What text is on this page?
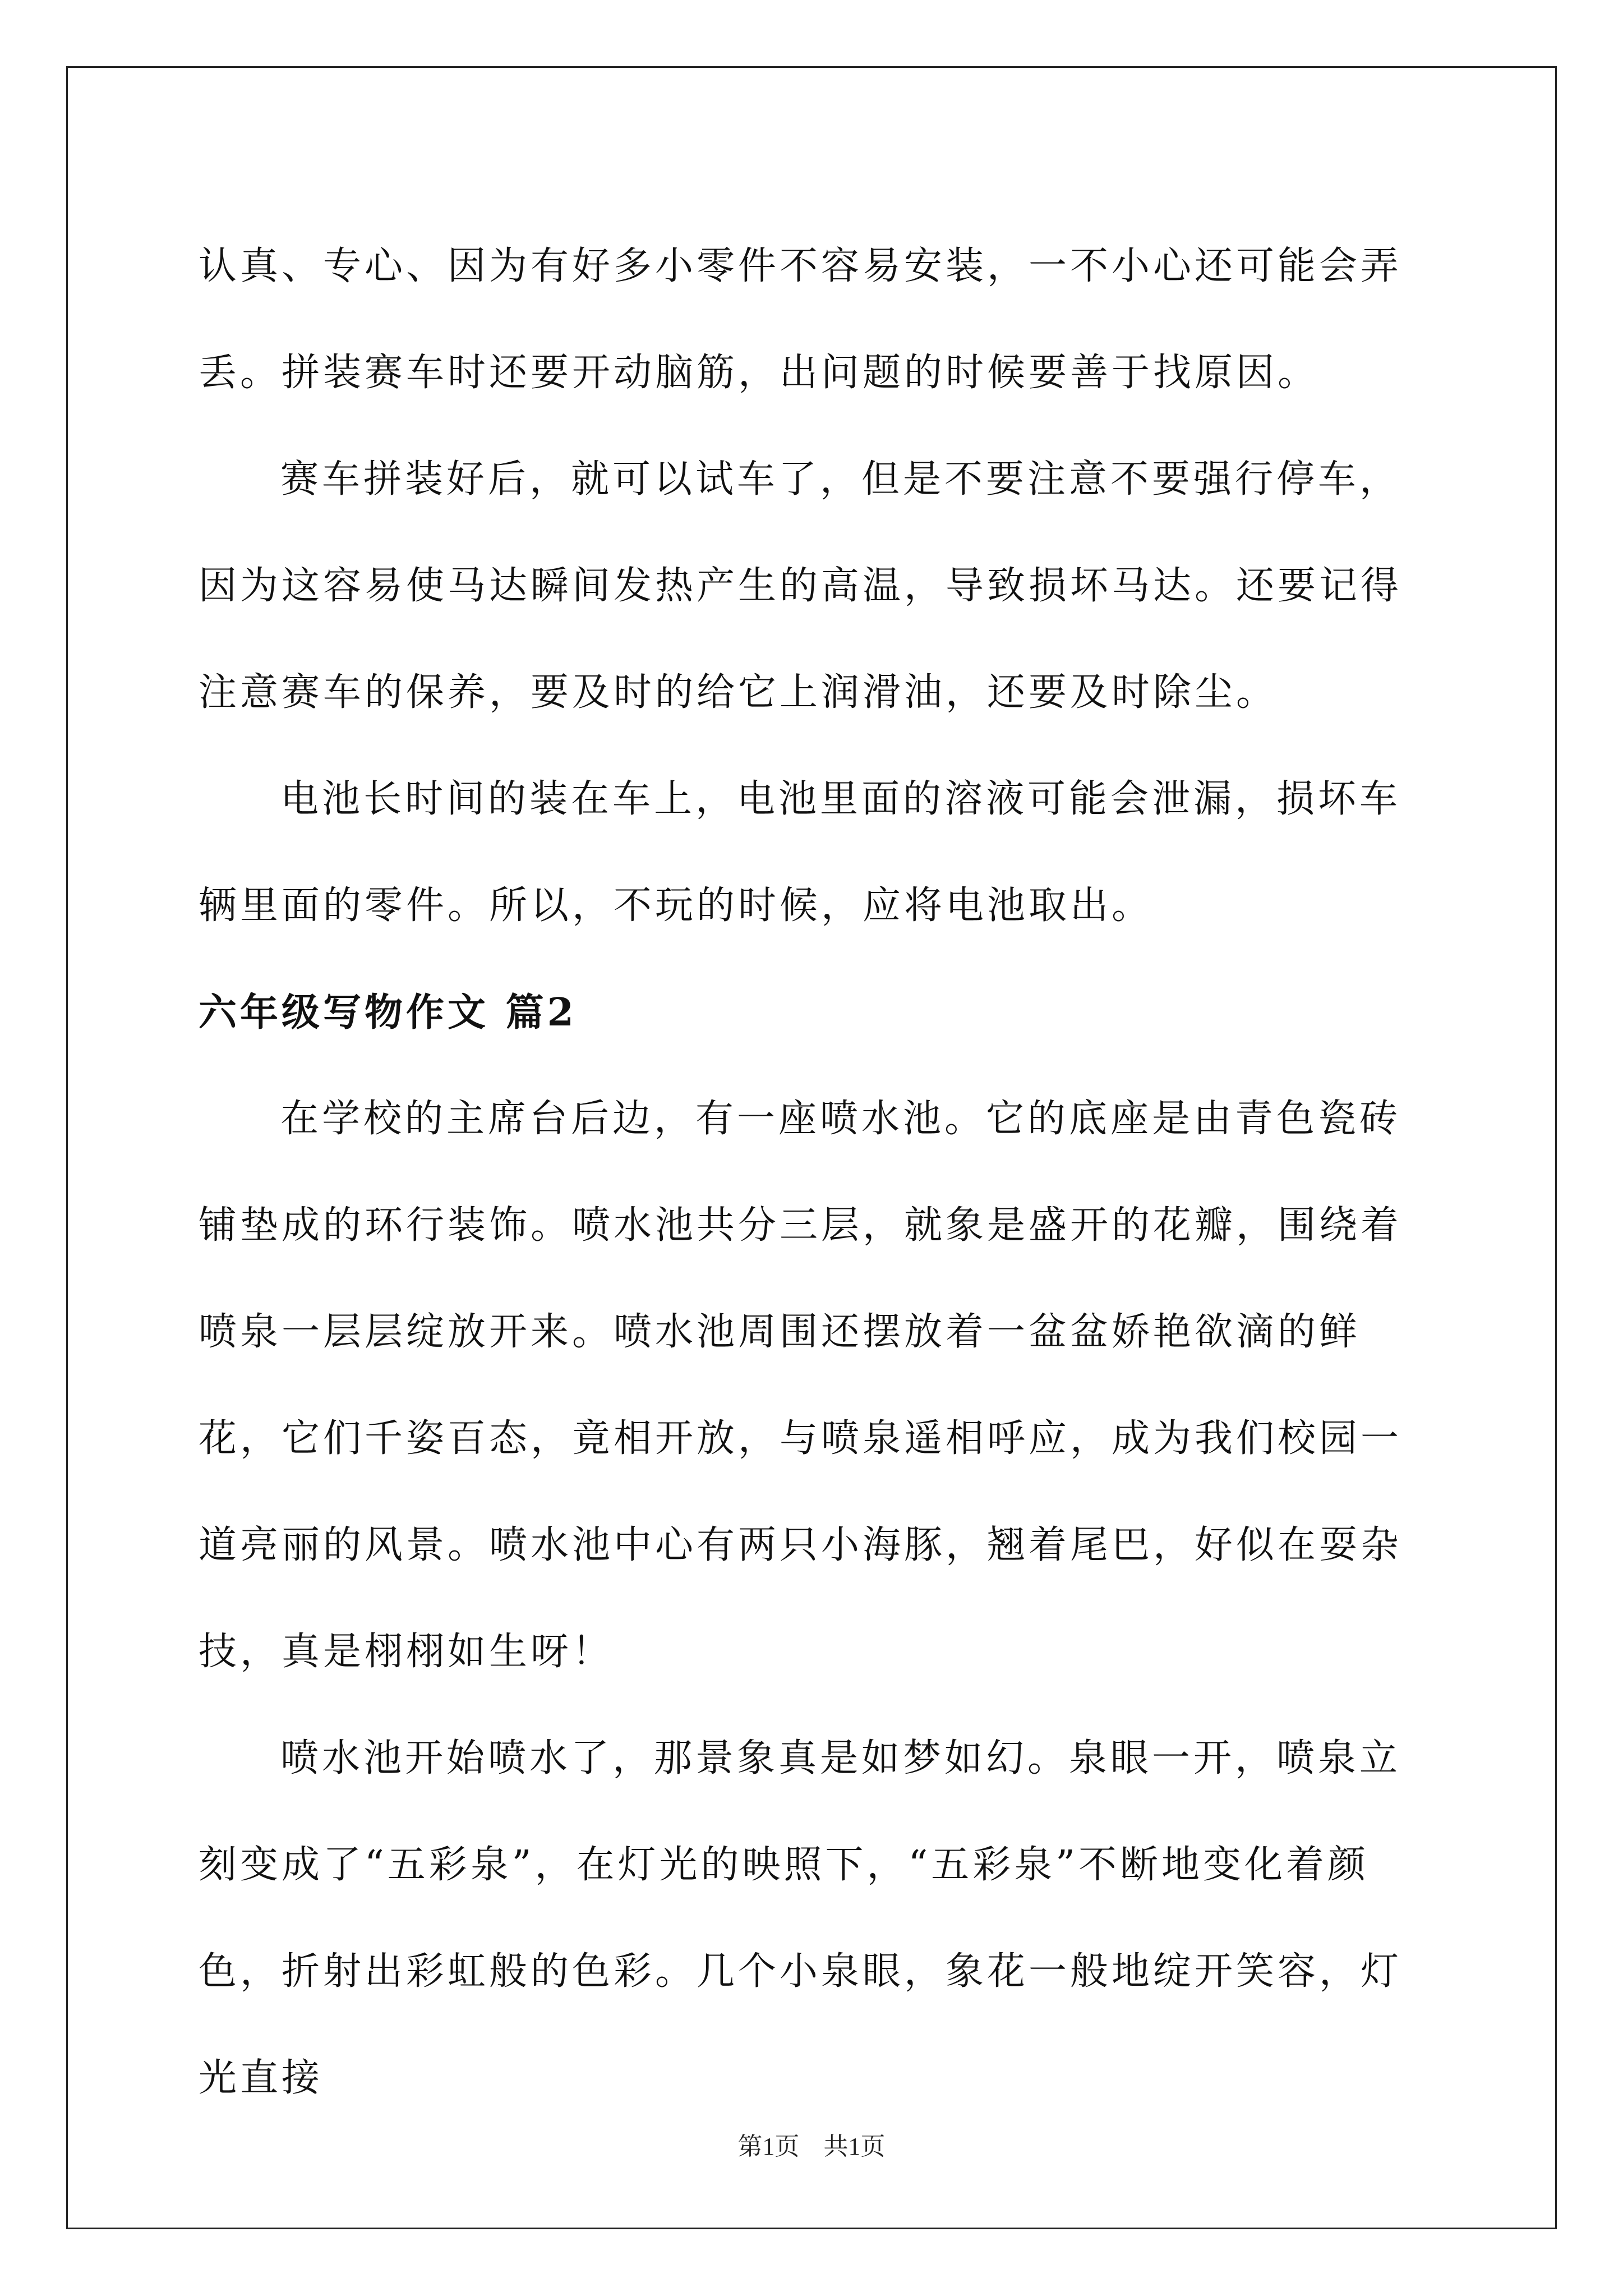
认真、专心、因为有好多小零件不容易安装，一不小心还可能会弄丢。拼装赛车时还要开动脑筋，出问题的时候要善于找原因。

赛车拼装好后，就可以试车了，但是不要注意不要强行停车，因为这容易使马达瞬间发热产生的高温，导致损坏马达。还要记得注意赛车的保养，要及时的给它上润滑油，还要及时除尘。

电池长时间的装在车上，电池里面的溶液可能会泄漏，损坏车辆里面的零件。所以，不玩的时候，应将电池取出。

六年级写物作文 篇2

在学校的主席台后边，有一座喷水池。它的底座是由青色瓷砖铺垫成的环行装饰。喷水池共分三层，就象是盛开的花瓣，围绕着喷泉一层层绽放开来。喷水池周围还摆放着一盆盆娇艳欲滴的鲜花，它们千姿百态，竟相开放，与喷泉遥相呼应，成为我们校园一道亮丽的风景。喷水池中心有两只小海豚，翘着尾巴，好似在耍杂技，真是栩栩如生呀！

喷水池开始喷水了，那景象真是如梦如幻。泉眼一开，喷泉立刻变成了“五彩泉”，在灯光的映照下，“五彩泉”不断地变化着颜色，折射出彩虹般的色彩。几个小泉眼，象花一般地绽开笑容，灯光直接

第1页 共1页
